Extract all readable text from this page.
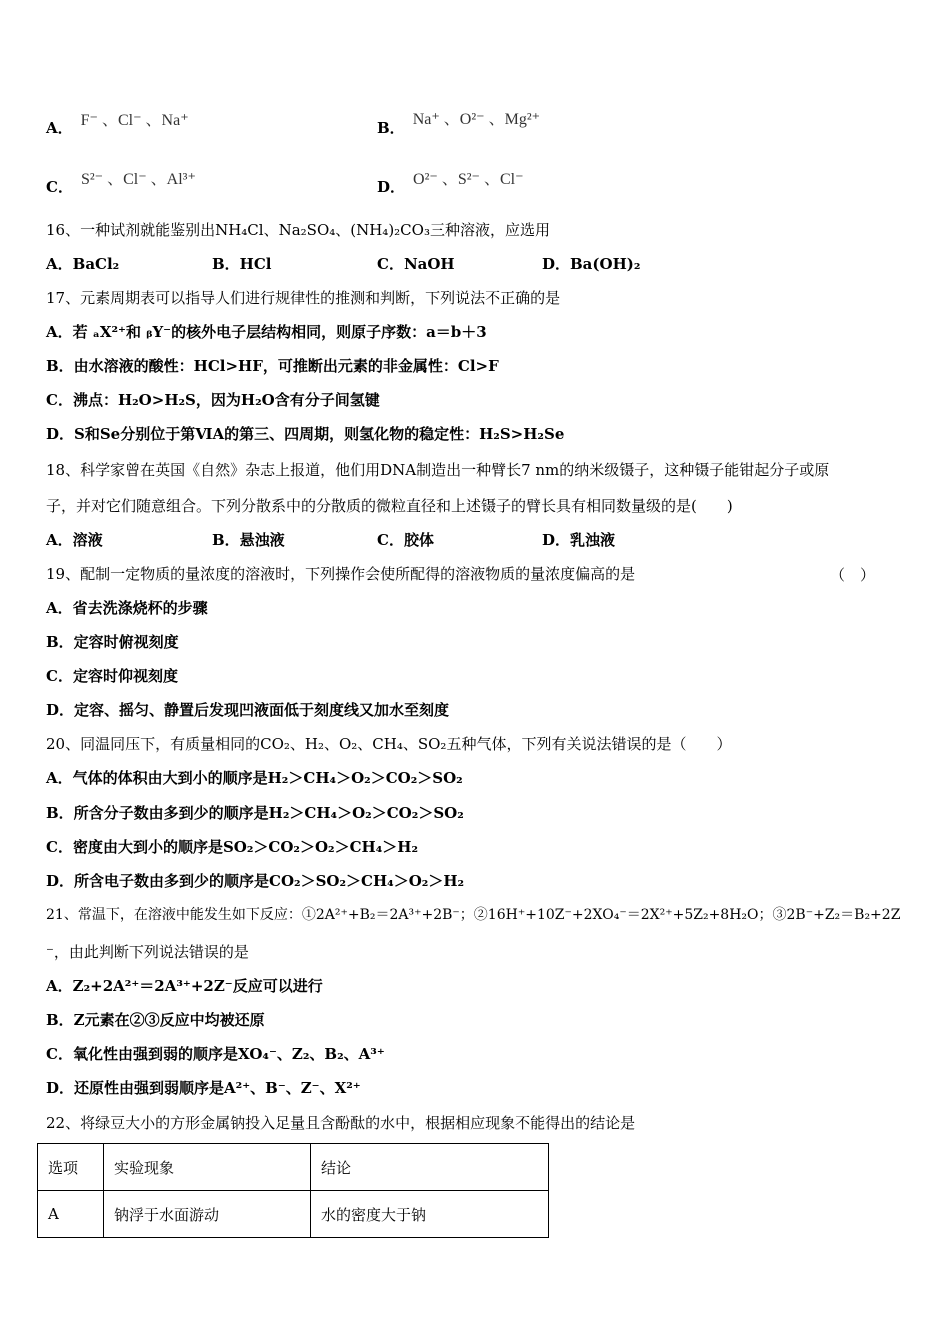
A． F⁻ 、Cl⁻ 、Na⁺	B． Na⁺ 、O²⁻ 、Mg²⁺
C． S²⁻ 、Cl⁻ 、Al³⁺	D． O²⁻ 、S²⁻ 、Cl⁻
16、一种试剂就能鉴别出NH₄Cl、Na₂SO₄、(NH₄)₂CO₃三种溶液，应选用
A．BaCl₂	B．HCl	C．NaOH	D．Ba(OH)₂
17、元素周期表可以指导人们进行规律性的推测和判断，下列说法不正确的是
A．若 ₐX²⁺和 ᵦY⁻的核外电子层结构相同，则原子序数：a＝b＋3
B．由水溶液的酸性：HCl>HF，可推断出元素的非金属性：Cl>F
C．沸点：H₂O>H₂S，因为H₂O含有分子间氢键
D．S和Se分别位于第ⅥA的第三、四周期，则氢化物的稳定性：H₂S>H₂Se
18、科学家曾在英国《自然》杂志上报道，他们用DNA制造出一种臂长7 nm的纳米级镊子，这种镊子能钳起分子或原
子，并对它们随意组合。下列分散系中的分散质的微粒直径和上述镊子的臂长具有相同数量级的是(　　)
A．溶液	B．悬浊液	C．胶体	D．乳浊液
19、配制一定物质的量浓度的溶液时，下列操作会使所配得的溶液物质的量浓度偏高的是	（　）
A．省去洗涤烧杯的步骤
B．定容时俯视刻度
C．定容时仰视刻度
D．定容、摇匀、静置后发现凹液面低于刻度线又加水至刻度
20、同温同压下，有质量相同的CO₂、H₂、O₂、CH₄、SO₂五种气体，下列有关说法错误的是（　　）
A．气体的体积由大到小的顺序是H₂＞CH₄＞O₂＞CO₂＞SO₂
B．所含分子数由多到少的顺序是H₂＞CH₄＞O₂＞CO₂＞SO₂
C．密度由大到小的顺序是SO₂＞CO₂＞O₂＞CH₄＞H₂
D．所含电子数由多到少的顺序是CO₂＞SO₂＞CH₄＞O₂＞H₂
21、常温下，在溶液中能发生如下反应：①2A²⁺+B₂＝2A³⁺+2B⁻；②16H⁺+10Z⁻+2XO₄⁻＝2X²⁺+5Z₂+8H₂O；③2B⁻+Z₂＝B₂+2Z
⁻，由此判断下列说法错误的是
A．Z₂+2A²⁺＝2A³⁺+2Z⁻反应可以进行
B．Z元素在②③反应中均被还原
C．氧化性由强到弱的顺序是XO₄⁻、Z₂、B₂、A³⁺
D．还原性由强到弱顺序是A²⁺、B⁻、Z⁻、X²⁺
22、将绿豆大小的方形金属钠投入足量且含酚酞的水中，根据相应现象不能得出的结论是
选项	实验现象	结论
A	钠浮于水面游动	水的密度大于钠
